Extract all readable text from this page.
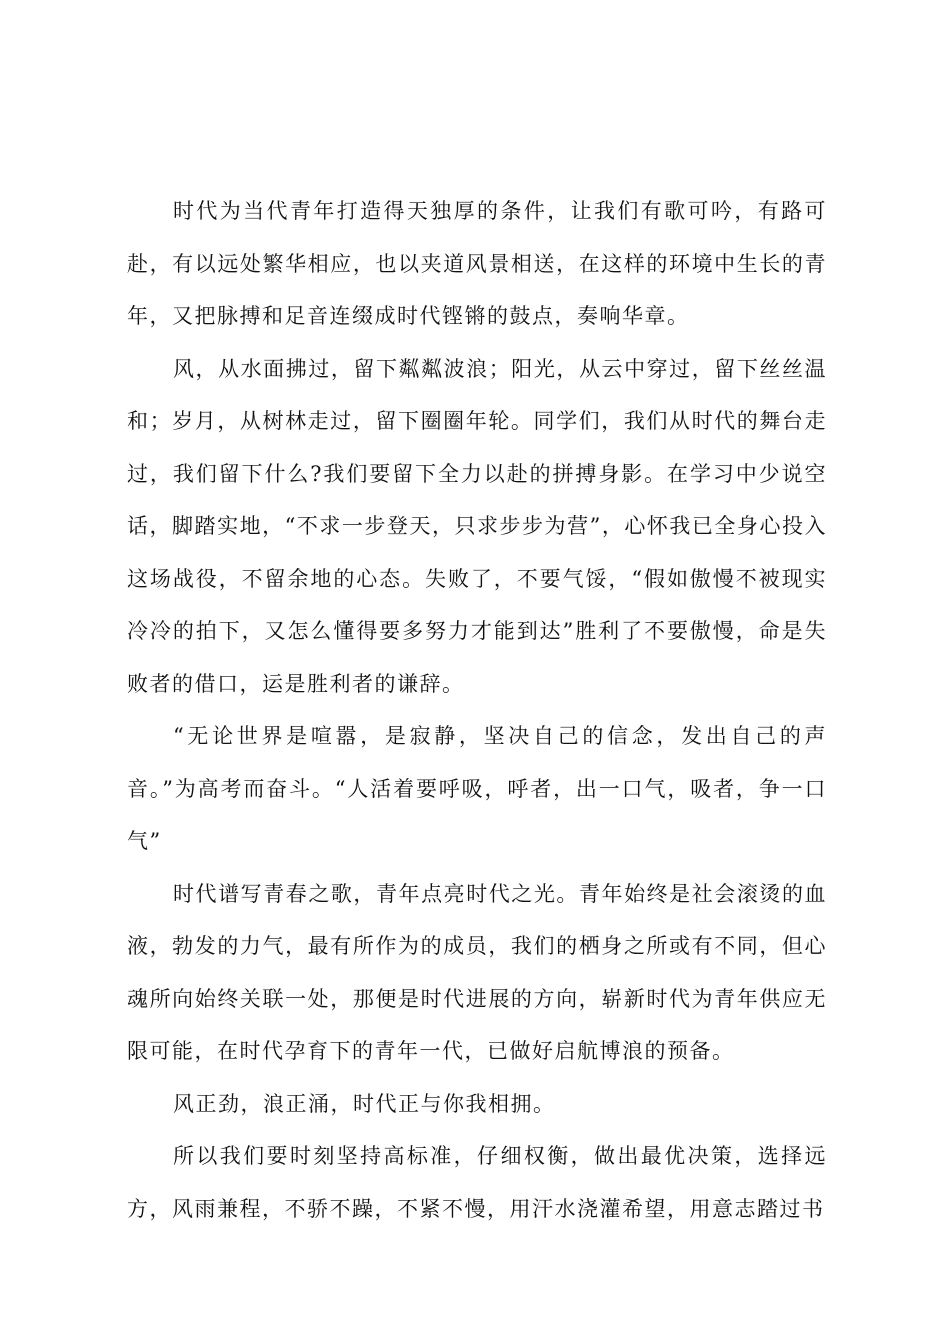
时代为当代青年打造得天独厚的条件，让我们有歌可吟，有路可赴，有以远处繁华相应，也以夹道风景相送，在这样的环境中生长的青年，又把脉搏和足音连缀成时代铿锵的鼓点，奏响华章。

风，从水面拂过，留下粼粼波浪；阳光，从云中穿过，留下丝丝温和；岁月，从树林走过，留下圈圈年轮。同学们，我们从时代的舞台走过，我们留下什么?我们要留下全力以赴的拼搏身影。在学习中少说空话，脚踏实地，“不求一步登天，只求步步为营”，心怀我已全身心投入这场战役，不留余地的心态。失败了，不要气馁，“假如傲慢不被现实冷冷的拍下，又怎么懂得要多努力才能到达”胜利了不要傲慢，命是失败者的借口，运是胜利者的谦辞。

“无论世界是喧嚣，是寂静，坚决自己的信念，发出自己的声音。”为高考而奋斗。“人活着要呼吸，呼者，出一口气，吸者，争一口气”

时代谱写青春之歌，青年点亮时代之光。青年始终是社会滚烫的血液，勃发的力气，最有所作为的成员，我们的栖身之所或有不同，但心魂所向始终关联一处，那便是时代进展的方向，崭新时代为青年供应无限可能，在时代孕育下的青年一代，已做好启航博浪的预备。

风正劲，浪正涌，时代正与你我相拥。

所以我们要时刻坚持高标准，仔细权衡，做出最优决策，选择远方，风雨兼程，不骄不躁，不紧不慢，用汗水浇灌希望，用意志踏过书
